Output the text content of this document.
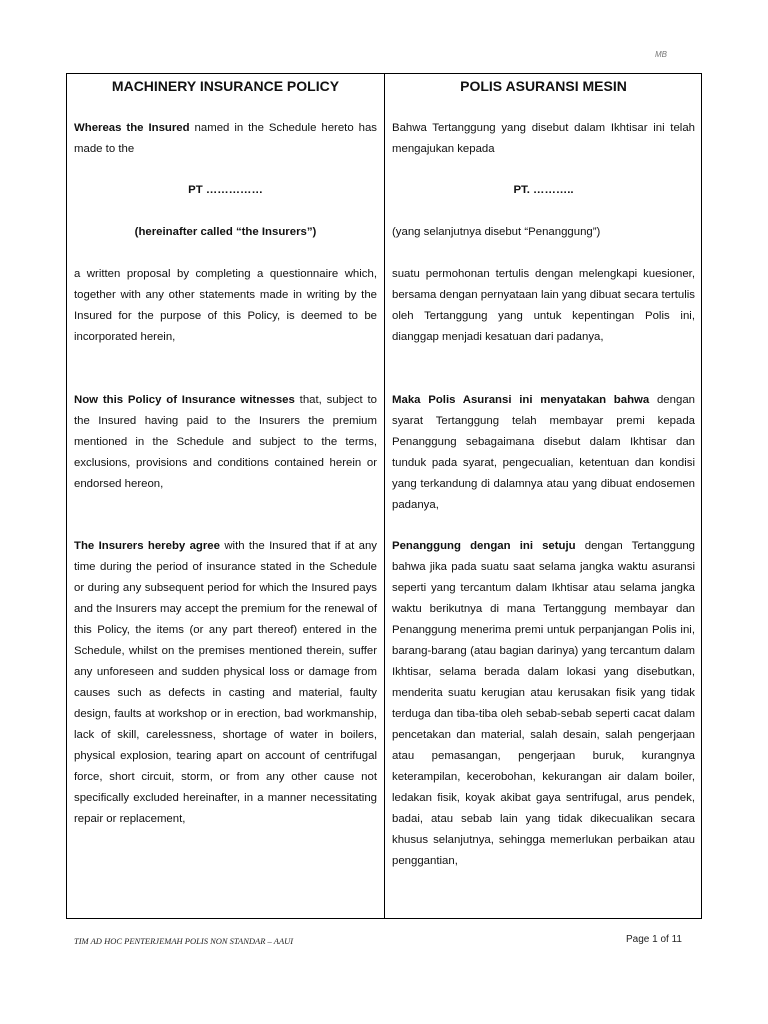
MB
MACHINERY INSURANCE POLICY
Whereas the Insured named in the Schedule hereto has made to the
PT ……………
(hereinafter called “the Insurers”)
a written proposal by completing a questionnaire which, together with any other statements made in writing by the Insured for the purpose of this Policy, is deemed to be incorporated herein,
Now this Policy of Insurance witnesses that, subject to the Insured having paid to the Insurers the premium mentioned in the Schedule and subject to the terms, exclusions, provisions and conditions contained herein or endorsed hereon,
The Insurers hereby agree with the Insured that if at any time during the period of insurance stated in the Schedule or during any subsequent period for which the Insured pays and the Insurers may accept the premium for the renewal of this Policy, the items (or any part thereof) entered in the Schedule, whilst on the premises mentioned therein, suffer any unforeseen and sudden physical loss or damage from causes such as defects in casting and material, faulty design, faults at workshop or in erection, bad workmanship, lack of skill, carelessness, shortage of water in boilers, physical explosion, tearing apart on account of centrifugal force, short circuit, storm, or from any other cause not specifically excluded hereinafter, in a manner necessitating repair or replacement,
POLIS ASURANSI MESIN
Bahwa Tertanggung yang disebut dalam Ikhtisar ini telah mengajukan kepada
PT. ………..
(yang selanjutnya disebut “Penanggung”)
suatu permohonan tertulis dengan melengkapi kuesioner, bersama dengan pernyataan lain yang dibuat secara tertulis oleh Tertanggung yang untuk kepentingan Polis ini, dianggap menjadi kesatuan dari padanya,
Maka Polis Asuransi ini menyatakan bahwa dengan syarat Tertanggung telah membayar premi kepada Penanggung sebagaimana disebut dalam Ikhtisar dan tunduk pada syarat, pengecualian, ketentuan dan kondisi yang terkandung di dalamnya atau yang dibuat endosemen padanya,
Penanggung dengan ini setuju dengan Tertanggung bahwa jika pada suatu saat selama jangka waktu asuransi seperti yang tercantum dalam Ikhtisar atau selama jangka waktu berikutnya di mana Tertanggung membayar dan Penanggung menerima premi untuk perpanjangan Polis ini, barang-barang (atau bagian darinya) yang tercantum dalam Ikhtisar, selama berada dalam lokasi yang disebutkan, menderita suatu kerugian atau kerusakan fisik yang tidak terduga dan tiba-tiba oleh sebab-sebab seperti cacat dalam pencetakan dan material, salah desain, salah pengerjaan atau pemasangan, pengerjaan buruk, kurangnya keterampilan, kecerobohan, kekurangan air dalam boiler, ledakan fisik, koyak akibat gaya sentrifugal, arus pendek, badai, atau sebab lain yang tidak dikecualikan secara khusus selanjutnya, sehingga memerlukan perbaikan atau penggantian,
TIM AD HOC PENTERJEMAH POLIS NON STANDAR – AAUI	Page 1 of 11
